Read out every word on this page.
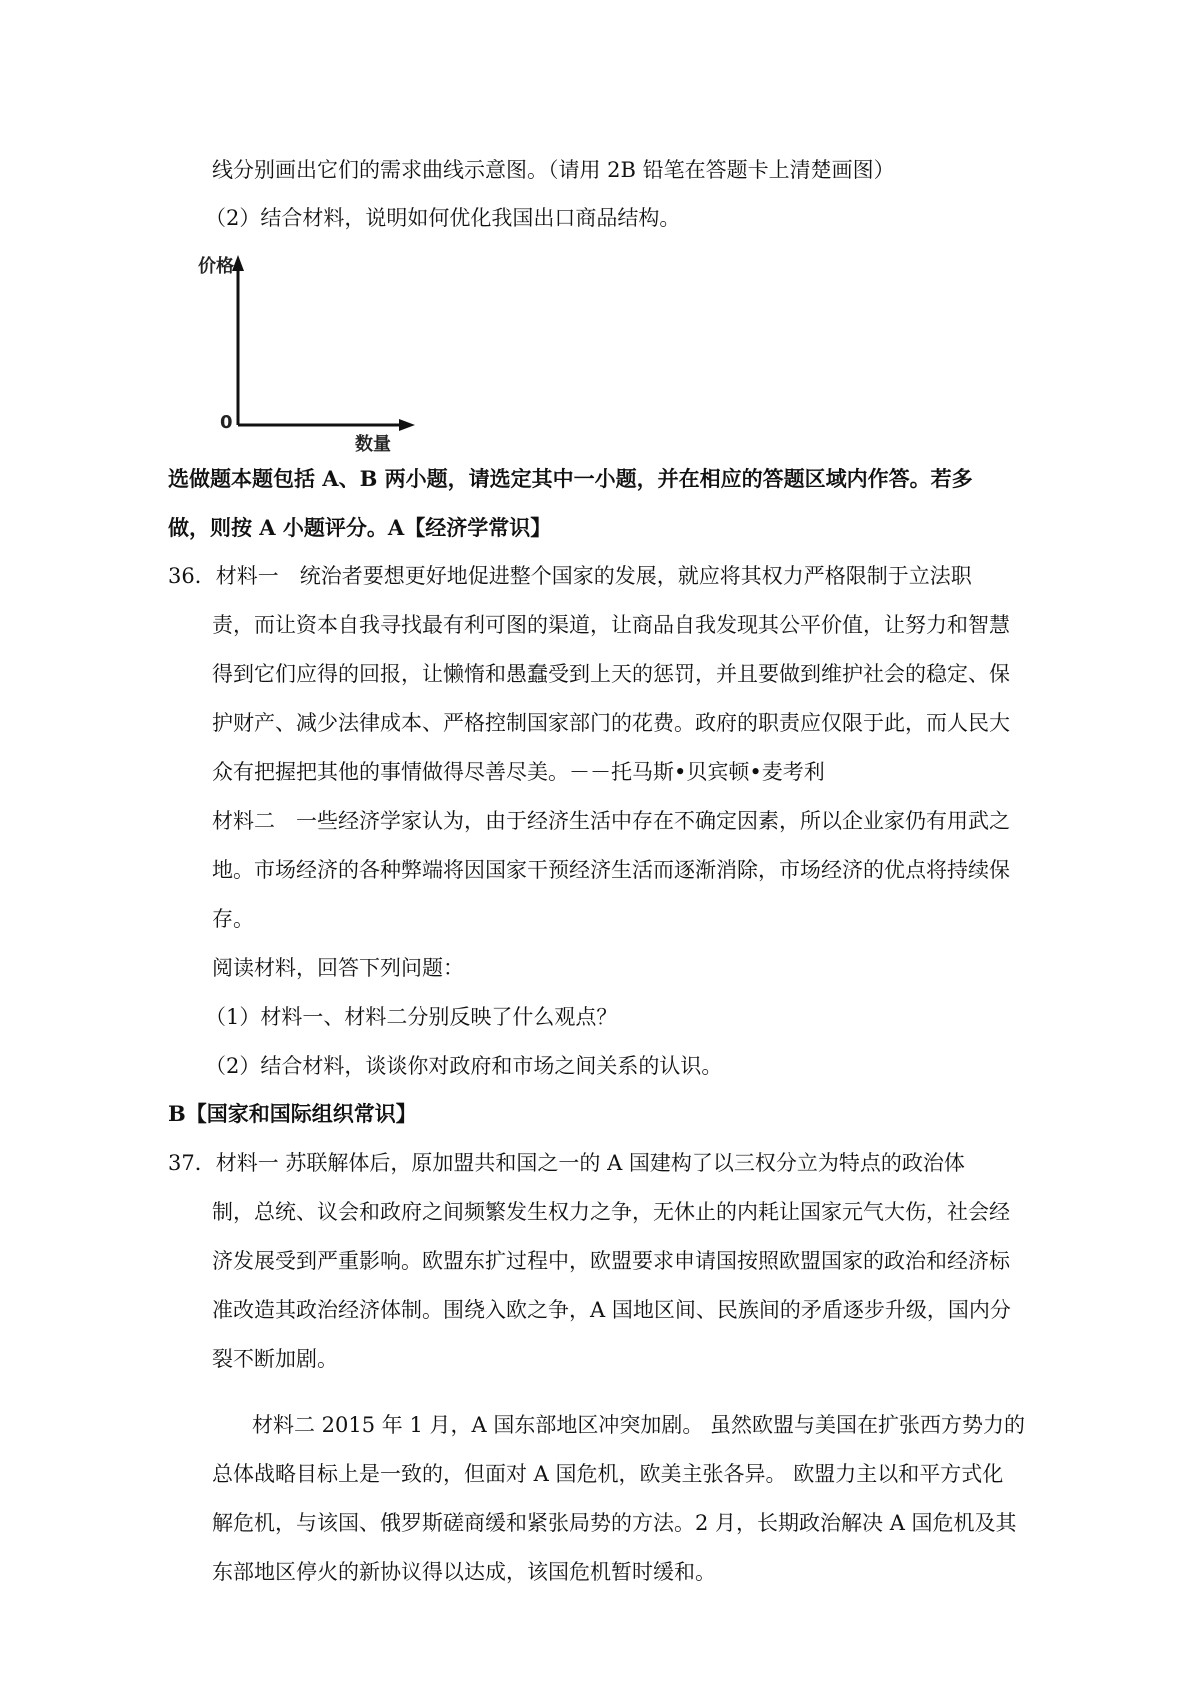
线分别画出它们的需求曲线示意图。（请用 2B 铅笔在答题卡上清楚画图）
（2）结合材料，说明如何优化我国出口商品结构。
价格
0
数量
选做题本题包括 A、B 两小题，请选定其中一小题，并在相应的答题区域内作答。若多
做，则按 A 小题评分。A【经济学常识】
36．材料一　统治者要想更好地促进整个国家的发展，就应将其权力严格限制于立法职
责，而让资本自我寻找最有利可图的渠道，让商品自我发现其公平价值，让努力和智慧
得到它们应得的回报，让懒惰和愚蠢受到上天的惩罚，并且要做到维护社会的稳定、保
护财产、减少法律成本、严格控制国家部门的花费。政府的职责应仅限于此，而人民大
众有把握把其他的事情做得尽善尽美。－－托马斯•贝宾顿•麦考利
材料二　一些经济学家认为，由于经济生活中存在不确定因素，所以企业家仍有用武之
地。市场经济的各种弊端将因国家干预经济生活而逐渐消除，市场经济的优点将持续保
存。
阅读材料，回答下列问题：
（1）材料一、材料二分别反映了什么观点？
（2）结合材料，谈谈你对政府和市场之间关系的认识。
B【国家和国际组织常识】
37．材料一 苏联解体后，原加盟共和国之一的 A 国建构了以三权分立为特点的政治体
制，总统、议会和政府之间频繁发生权力之争，无休止的内耗让国家元气大伤，社会经
济发展受到严重影响。欧盟东扩过程中，欧盟要求申请国按照欧盟国家的政治和经济标
准改造其政治经济体制。围绕入欧之争，A 国地区间、民族间的矛盾逐步升级，国内分
裂不断加剧。
材料二 2015 年 1 月，A 国东部地区冲突加剧。 虽然欧盟与美国在扩张西方势力的
总体战略目标上是一致的，但面对 A 国危机，欧美主张各异。 欧盟力主以和平方式化
解危机，与该国、俄罗斯磋商缓和紧张局势的方法。2 月，长期政治解决 A 国危机及其
东部地区停火的新协议得以达成，该国危机暂时缓和。
